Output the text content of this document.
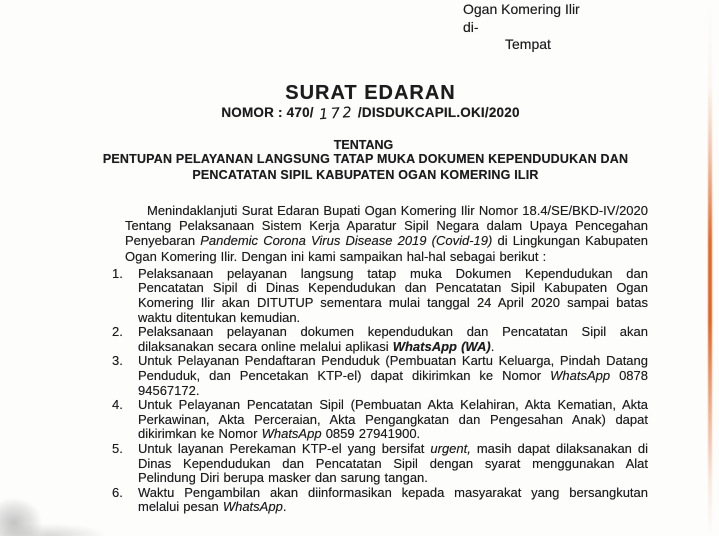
Ogan Komering Ilir
di-
Tempat
SURAT EDARAN
NOMOR : 470/ 172 /DISDUKCAPIL.OKI/2020
TENTANG
PENTUPAN PELAYANAN LANGSUNG TATAP MUKA DOKUMEN KEPENDUDUKAN DAN PENCATATAN SIPIL KABUPATEN OGAN KOMERING ILIR

Menindaklanjuti Surat Edaran Bupati Ogan Komering Ilir Nomor 18.4/SE/BKD-IV/2020 Tentang Pelaksanaan Sistem Kerja Aparatur Sipil Negara dalam Upaya Pencegahan Penyebaran Pandemic Corona Virus Disease 2019 (Covid-19) di Lingkungan Kabupaten Ogan Komering Ilir. Dengan ini kami sampaikan hal-hal sebagai berikut :

1.	Pelaksanaan pelayanan langsung tatap muka Dokumen Kependudukan dan Pencatatan Sipil di Dinas Kependudukan dan Pencatatan Sipil Kabupaten Ogan Komering Ilir akan DITUTUP sementara mulai tanggal 24 April 2020 sampai batas waktu ditentukan kemudian.
2.	Pelaksanaan pelayanan dokumen kependudukan dan Pencatatan Sipil akan dilaksanakan secara online melalui aplikasi WhatsApp (WA).
3.	Untuk Pelayanan Pendaftaran Penduduk (Pembuatan Kartu Keluarga, Pindah Datang Penduduk, dan Pencetakan KTP-el) dapat dikirimkan ke Nomor WhatsApp 0878 94567172.
4.	Untuk Pelayanan Pencatatan Sipil (Pembuatan Akta Kelahiran, Akta Kematian, Akta Perkawinan, Akta Perceraian, Akta Pengangkatan dan Pengesahan Anak) dapat dikirimkan ke Nomor WhatsApp 0859 27941900.
5.	Untuk layanan Perekaman KTP-el yang bersifat urgent, masih dapat dilaksanakan di Dinas Kependudukan dan Pencatatan Sipil dengan syarat menggunakan Alat Pelindung Diri berupa masker dan sarung tangan.
6.	Waktu Pengambilan akan diinformasikan kepada masyarakat yang bersangkutan melalui pesan WhatsApp.
